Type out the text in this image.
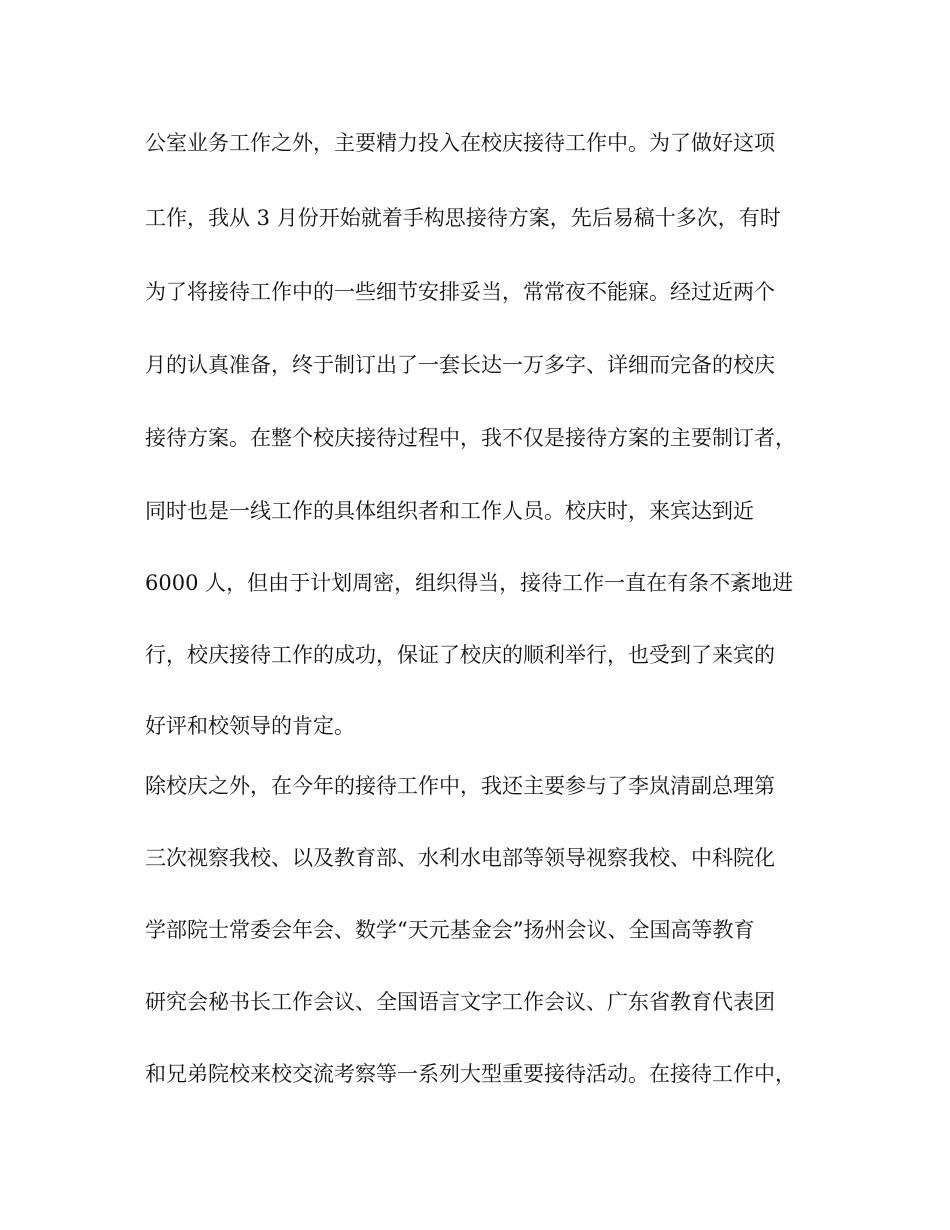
公室业务工作之外，主要精力投入在校庆接待工作中。为了做好这项

工作，我从 3 月份开始就着手构思接待方案，先后易稿十多次，有时

为了将接待工作中的一些细节安排妥当，常常夜不能寐。经过近两个

月的认真准备，终于制订出了一套长达一万多字、详细而完备的校庆

接待方案。在整个校庆接待过程中，我不仅是接待方案的主要制订者，

同时也是一线工作的具体组织者和工作人员。校庆时，来宾达到近

6000 人，但由于计划周密，组织得当，接待工作一直在有条不紊地进

行，校庆接待工作的成功，保证了校庆的顺利举行，也受到了来宾的

好评和校领导的肯定。

除校庆之外，在今年的接待工作中，我还主要参与了李岚清副总理第

三次视察我校、以及教育部、水利水电部等领导视察我校、中科院化

学部院士常委会年会、数学“天元基金会”扬州会议、全国高等教育

研究会秘书长工作会议、全国语言文字工作会议、广东省教育代表团

和兄弟院校来校交流考察等一系列大型重要接待活动。在接待工作中，
